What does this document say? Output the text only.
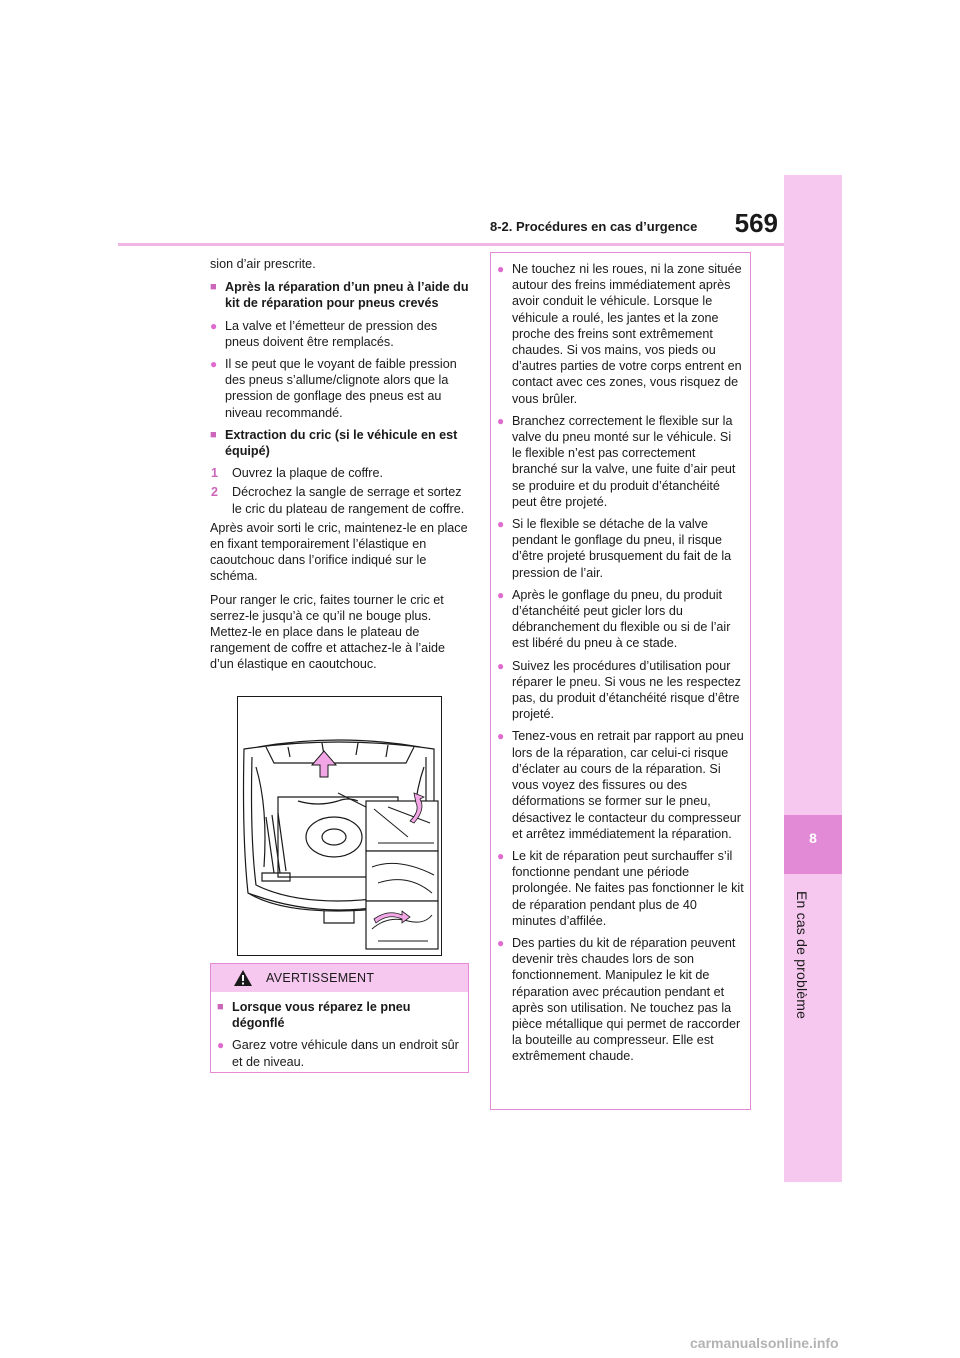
8
En cas de problème
8-2. Procédures en cas d’urgence	569

sion d’air prescrite.

■ Après la réparation d’un pneu à l’aide du kit de réparation pour pneus crevés
● La valve et l’émetteur de pression des pneus doivent être remplacés.
● Il se peut que le voyant de faible pression des pneus s’allume/clignote alors que la pression de gonflage des pneus est au niveau recommandé.
■ Extraction du cric (si le véhicule en est équipé)
1	Ouvrez la plaque de coffre.
2	Décrochez la sangle de serrage et sortez le cric du plateau de rangement de coffre.

Après avoir sorti le cric, maintenez-le en place en fixant temporairement l’élastique en caoutchouc dans l’orifice indiqué sur le schéma.

Pour ranger le cric, faites tourner le cric et serrez-le jusqu’à ce qu’il ne bouge plus. Mettez-le en place dans le plateau de rangement de coffre et attachez-le à l’aide d’un élastique en caoutchouc.

AVERTISSEMENT
■ Lorsque vous réparez le pneu dégonflé
● Garez votre véhicule dans un endroit sûr et de niveau.
● Ne touchez ni les roues, ni la zone située autour des freins immédiatement après avoir conduit le véhicule. Lorsque le véhicule a roulé, les jantes et la zone proche des freins sont extrêmement chaudes. Si vos mains, vos pieds ou d’autres parties de votre corps entrent en contact avec ces zones, vous risquez de vous brûler.
● Branchez correctement le flexible sur la valve du pneu monté sur le véhicule. Si le flexible n’est pas correctement branché sur la valve, une fuite d’air peut se produire et du produit d’étanchéité peut être projeté.
● Si le flexible se détache de la valve pendant le gonflage du pneu, il risque d’être projeté brusquement du fait de la pression de l’air.
● Après le gonflage du pneu, du produit d’étanchéité peut gicler lors du débranchement du flexible ou si de l’air est libéré du pneu à ce stade.
● Suivez les procédures d’utilisation pour réparer le pneu. Si vous ne les respectez pas, du produit d’étanchéité risque d’être projeté.
● Tenez-vous en retrait par rapport au pneu lors de la réparation, car celui-ci risque d’éclater au cours de la réparation. Si vous voyez des fissures ou des déformations se former sur le pneu, désactivez le contacteur du compresseur et arrêtez immédiatement la réparation.
● Le kit de réparation peut surchauffer s’il fonctionne pendant une période prolongée. Ne faites pas fonctionner le kit de réparation pendant plus de 40 minutes d’affilée.
● Des parties du kit de réparation peuvent devenir très chaudes lors de son fonctionnement. Manipulez le kit de réparation avec précaution pendant et après son utilisation. Ne touchez pas la pièce métallique qui permet de raccorder la bouteille au compresseur. Elle est extrêmement chaude.
carmanualsonline.info
